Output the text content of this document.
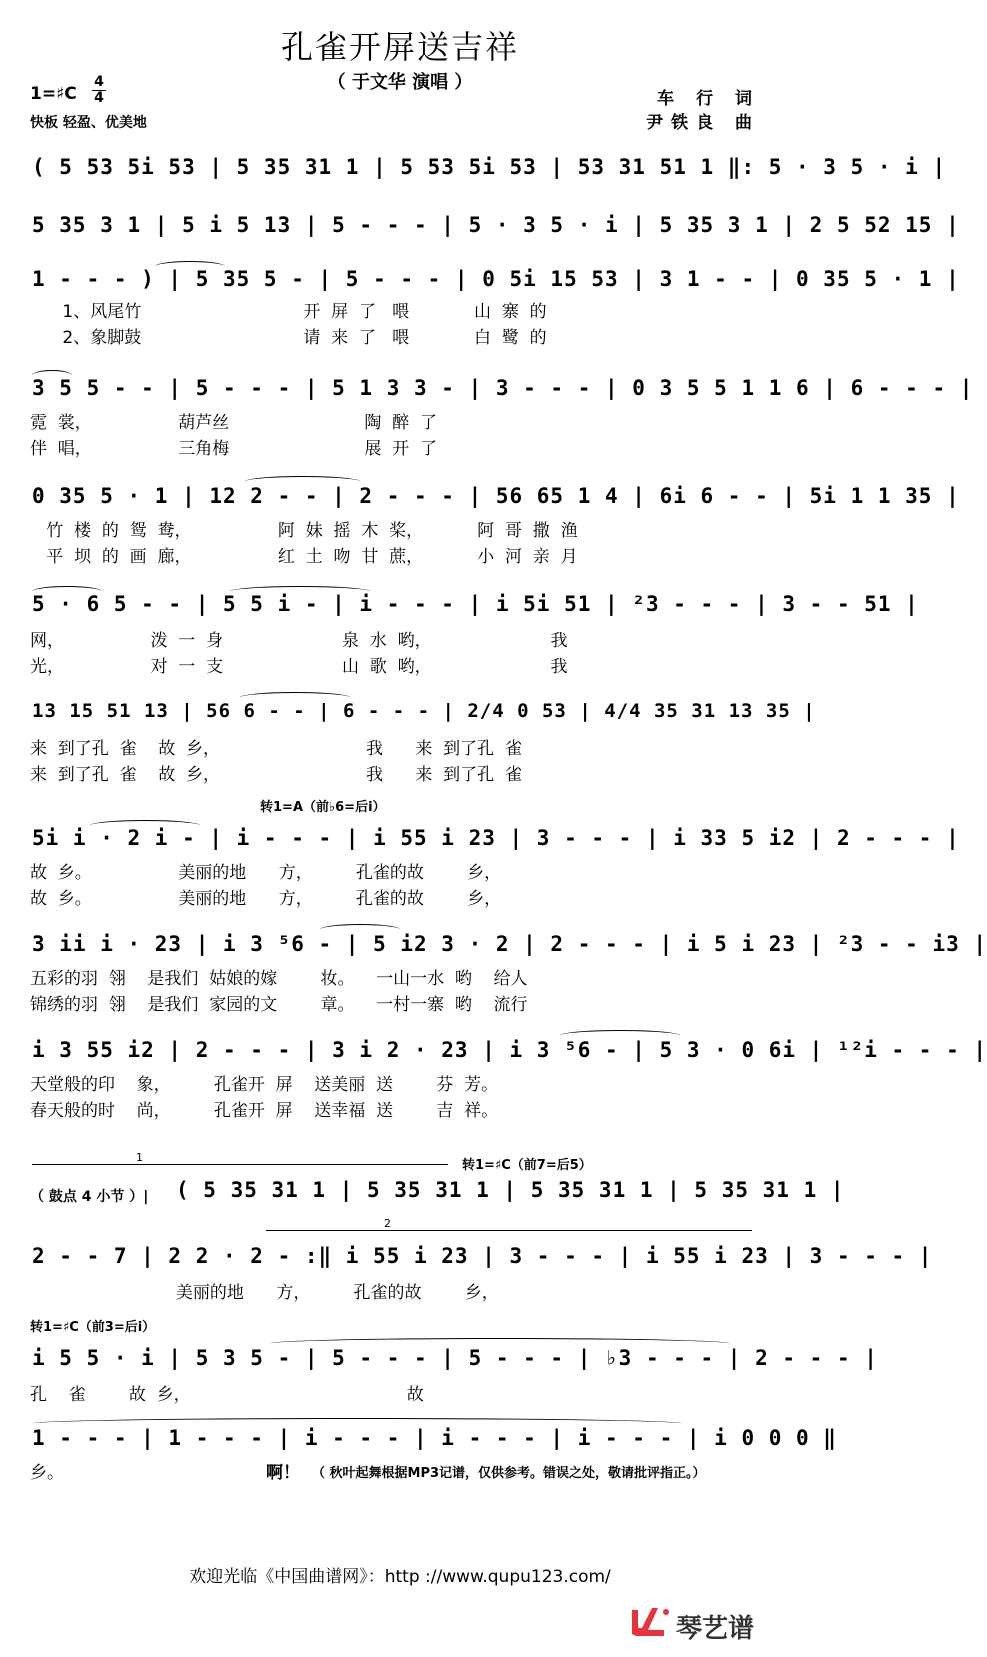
孔雀开屏送吉祥
（ 于文华 演唱 ）
1=♯C
4
4
快板 轻盈、优美地
车 行 词
尹铁良 曲
( 5 53 5i 53 | 5 35 31 1 | 5 53 5i 53 | 53 31 51 1 ‖: 5 · 3 5 · i |
5 35 3 1 | 5 i 5 13 | 5 - - - | 5 · 3 5 · i | 5 35 3 1 | 2 5 52 15 |
1 - - - ) | 5 35 5 - | 5 - - - | 0 5i 15 53 | 3 1 - - | 0 35 5 · 1 |
1、风尾竹                              开  屏  了   喂            山  寨  的
2、象脚鼓                              请  来  了   喂            白  鹭  的
3 5 5 - - | 5 - - - | 5 1 3 3 - | 3 - - - | 0 3 5 5 1 1 6 | 6 - - - |
霓  裳，                葫芦丝                         陶  醉  了
伴  唱，                三角梅                         展  开  了
0 35 5 · 1 | 12 2 - - | 2 - - - | 56 65 1 4 | 6i 6 - - | 5i 1 1 35 |
竹  楼  的  鸳  鸯，                阿  妹  摇  木  桨，          阿  哥  撒  渔
平  坝  的  画  廊，                红  土  吻  甘  蔗，          小  河  亲  月
5 · 6 5 - - | 5 5 i - | i - - - | i 5i 51 | ²3 - - - | 3 - - 51 |
网，                泼  一  身                      泉  水  哟，                      我
光，                对  一  支                      山  歌  哟，                      我
13 15 51 13 | 56 6 - - | 6 - - - | 2/4 0 53 | 4/4 35 31 13 35 |
来  到了孔  雀    故  乡，                           我      来  到了孔  雀
来  到了孔  雀    故  乡，                           我      来  到了孔  雀
转1=A（前♭6=后i）
5i i · 2 i - | i - - - | i 55 i 23 | 3 - - - | i 33 5 i2 | 2 - - - |
故  乡。                美丽的地      方，        孔雀的故        乡，
故  乡。                美丽的地      方，        孔雀的故        乡，
3 ii i · 23 | i 3 ⁵6 - | 5 i2 3 · 2 | 2 - - - | i 5 i 23 | ²3 - - i3 |
五彩的羽  翎    是我们  姑娘的嫁        妆。    一山一水  哟    给人
锦绣的羽  翎    是我们  家园的文        章。    一村一寨  哟    流行
i 3 55 i2 | 2 - - - | 3 i 2 · 23 | i 3 ⁵6 - | 5 3 · 0 6i | ¹²i - - - |
天堂般的印    象，        孔雀开  屏    送美丽  送        芬  芳。
春天般的时    尚，        孔雀开  屏    送幸福  送        吉  祥。
1
转1=♯C（前7=后5）
（ 鼓点 4 小节 ）| ( 5 35 31 1 | 5 35 31 1 | 5 35 31 1 | 5 35 31 1 |
2
2 - - 7 | 2 2 · 2 - :‖ i 55 i 23 | 3 - - - | i 55 i 23 | 3 - - - |
美丽的地      方，        孔雀的故        乡，
转1=♯C（前3=后i）
i 5 5 · i | 5 3 5 - | 5 - - - | 5 - - - | ♭3 - - - | 2 - - - |
孔    雀        故  乡，                                        故
1 - - - | 1 - - - | i - - - | i - - - | i - - - | i 0 0 0 ‖
乡。	啊！ （ 秋叶起舞根据MP3记谱，仅供参考。错误之处，敬请批评指正。）
欢迎光临《中国曲谱网》：http ://www.qupu123.com/
琴艺谱
